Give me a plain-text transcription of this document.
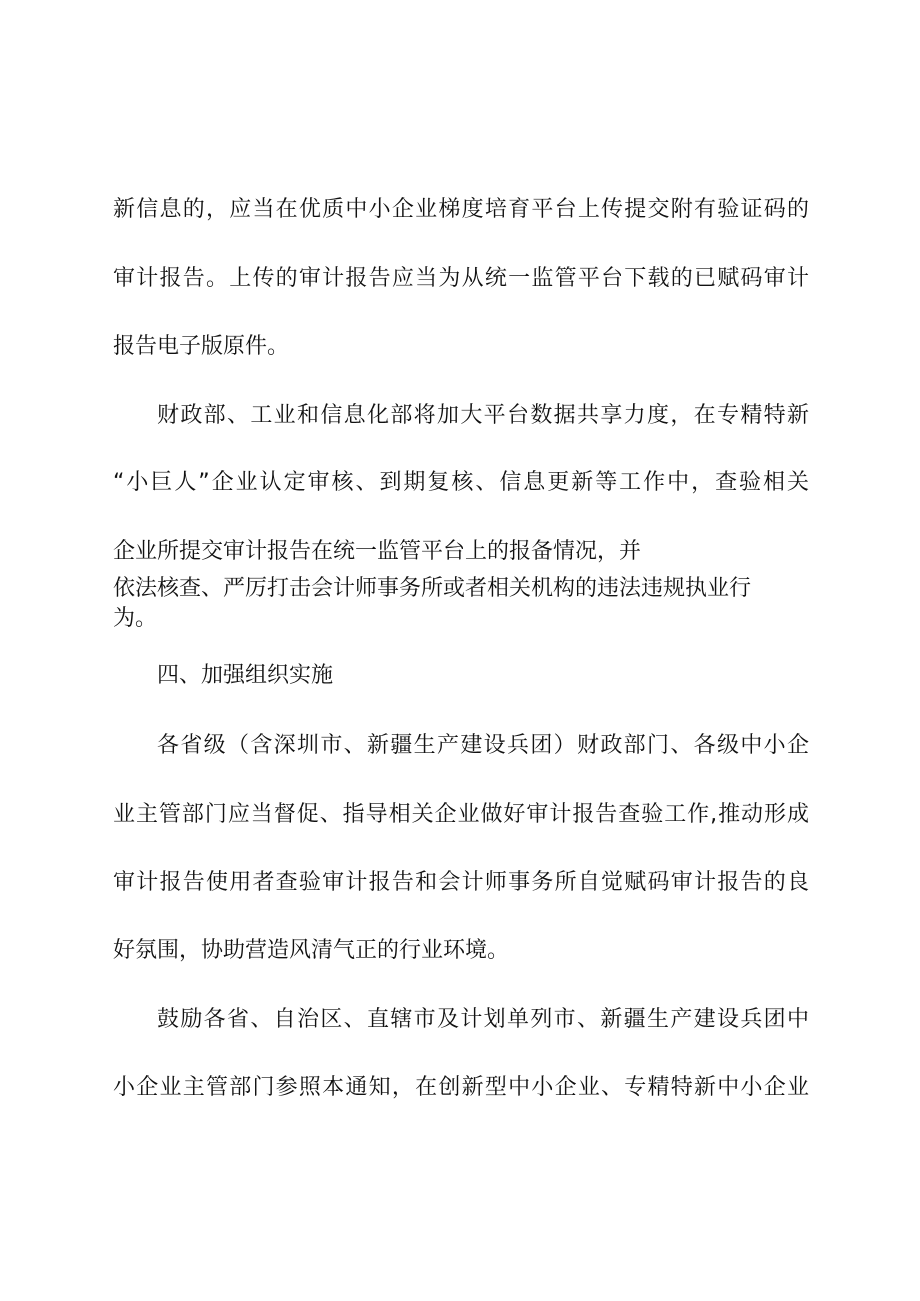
新信息的，应当在优质中小企业梯度培育平台上传提交附有验证码的

审计报告。上传的审计报告应当为从统一监管平台下载的已赋码审计

报告电子版原件。

财政部、工业和信息化部将加大平台数据共享力度，在专精特新

“小巨人”企业认定审核、到期复核、信息更新等工作中，查验相关

企业所提交审计报告在统一监管平台上的报备情况，并

依法核查、严厉打击会计师事务所或者相关机构的违法违规执业行

为。

四、加强组织实施

各省级（含深圳市、新疆生产建设兵团）财政部门、各级中小企

业主管部门应当督促、指导相关企业做好审计报告查验工作,推动形成

审计报告使用者查验审计报告和会计师事务所自觉赋码审计报告的良

好氛围，协助营造风清气正的行业环境。

鼓励各省、自治区、直辖市及计划单列市、新疆生产建设兵团中

小企业主管部门参照本通知，在创新型中小企业、专精特新中小企业
